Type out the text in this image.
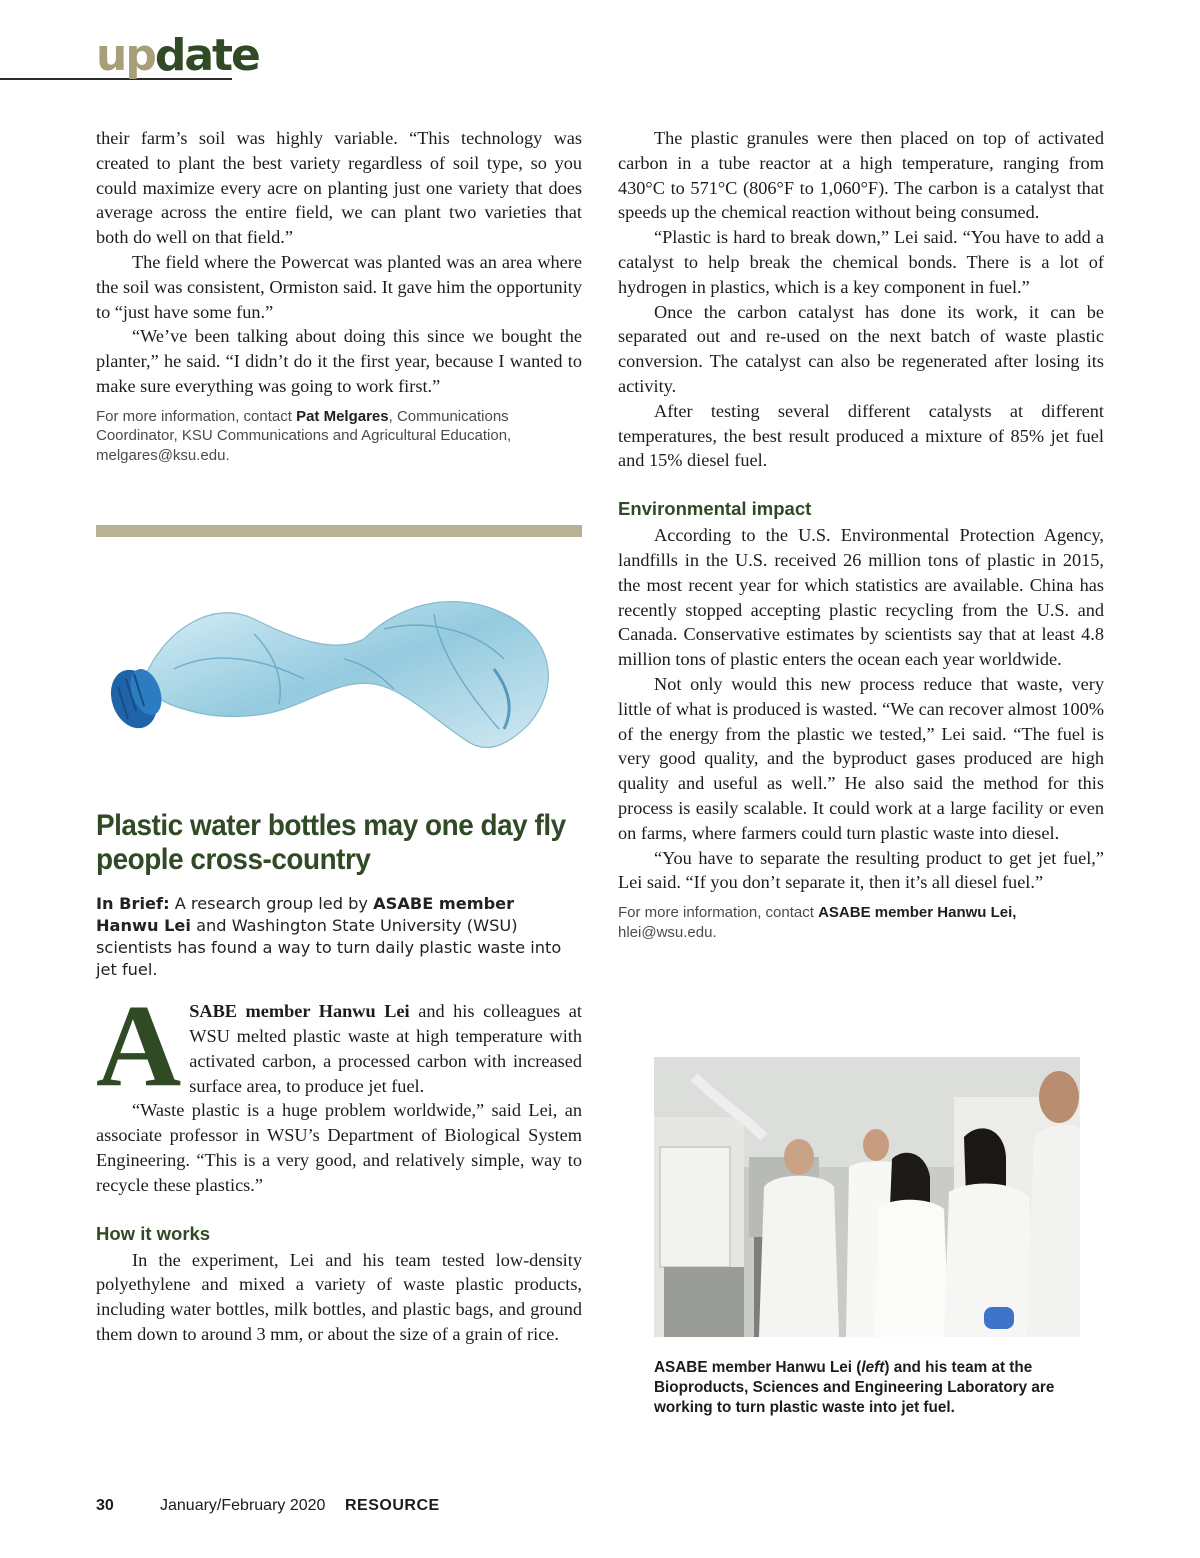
update

their farm’s soil was highly variable. “This technology was created to plant the best variety regardless of soil type, so you could maximize every acre on planting just one variety that does average across the entire field, we can plant two varieties that both do well on that field.”

The field where the Powercat was planted was an area where the soil was consistent, Ormiston said. It gave him the opportunity to “just have some fun.”

“We’ve been talking about doing this since we bought the planter,” he said. “I didn’t do it the first year, because I wanted to make sure everything was going to work first.”

For more information, contact Pat Melgares, Communications Coordinator, KSU Communications and Agricultural Education, melgares@ksu.edu.

Plastic water bottles may one day fly people cross-country

In Brief: A research group led by ASABE member Hanwu Lei and Washington State University (WSU) scientists has found a way to turn daily plastic waste into jet fuel.

A SABE member Hanwu Lei and his colleagues at WSU melted plastic waste at high temperature with activated carbon, a processed carbon with increased surface area, to produce jet fuel.

“Waste plastic is a huge problem worldwide,” said Lei, an associate professor in WSU’s Department of Biological System Engineering. “This is a very good, and relatively simple, way to recycle these plastics.”

How it works

In the experiment, Lei and his team tested low-density polyethylene and mixed a variety of waste plastic products, including water bottles, milk bottles, and plastic bags, and ground them down to around 3 mm, or about the size of a grain of rice.

The plastic granules were then placed on top of activated carbon in a tube reactor at a high temperature, ranging from 430°C to 571°C (806°F to 1,060°F). The carbon is a catalyst that speeds up the chemical reaction without being consumed.

“Plastic is hard to break down,” Lei said. “You have to add a catalyst to help break the chemical bonds. There is a lot of hydrogen in plastics, which is a key component in fuel.”

Once the carbon catalyst has done its work, it can be separated out and re-used on the next batch of waste plastic conversion. The catalyst can also be regenerated after losing its activity.

After testing several different catalysts at different temperatures, the best result produced a mixture of 85% jet fuel and 15% diesel fuel.

Environmental impact

According to the U.S. Environmental Protection Agency, landfills in the U.S. received 26 million tons of plastic in 2015, the most recent year for which statistics are available. China has recently stopped accepting plastic recycling from the U.S. and Canada. Conservative estimates by scientists say that at least 4.8 million tons of plastic enters the ocean each year worldwide.

Not only would this new process reduce that waste, very little of what is produced is wasted. “We can recover almost 100% of the energy from the plastic we tested,” Lei said. “The fuel is very good quality, and the byproduct gases produced are high quality and useful as well.” He also said the method for this process is easily scalable. It could work at a large facility or even on farms, where farmers could turn plastic waste into diesel.

“You have to separate the resulting product to get jet fuel,” Lei said. “If you don’t separate it, then it’s all diesel fuel.”

For more information, contact ASABE member Hanwu Lei, hlei@wsu.edu.

ASABE member Hanwu Lei (left) and his team at the Bioproducts, Sciences and Engineering Laboratory are working to turn plastic waste into jet fuel.

30	January/February 2020 RESOURCE
